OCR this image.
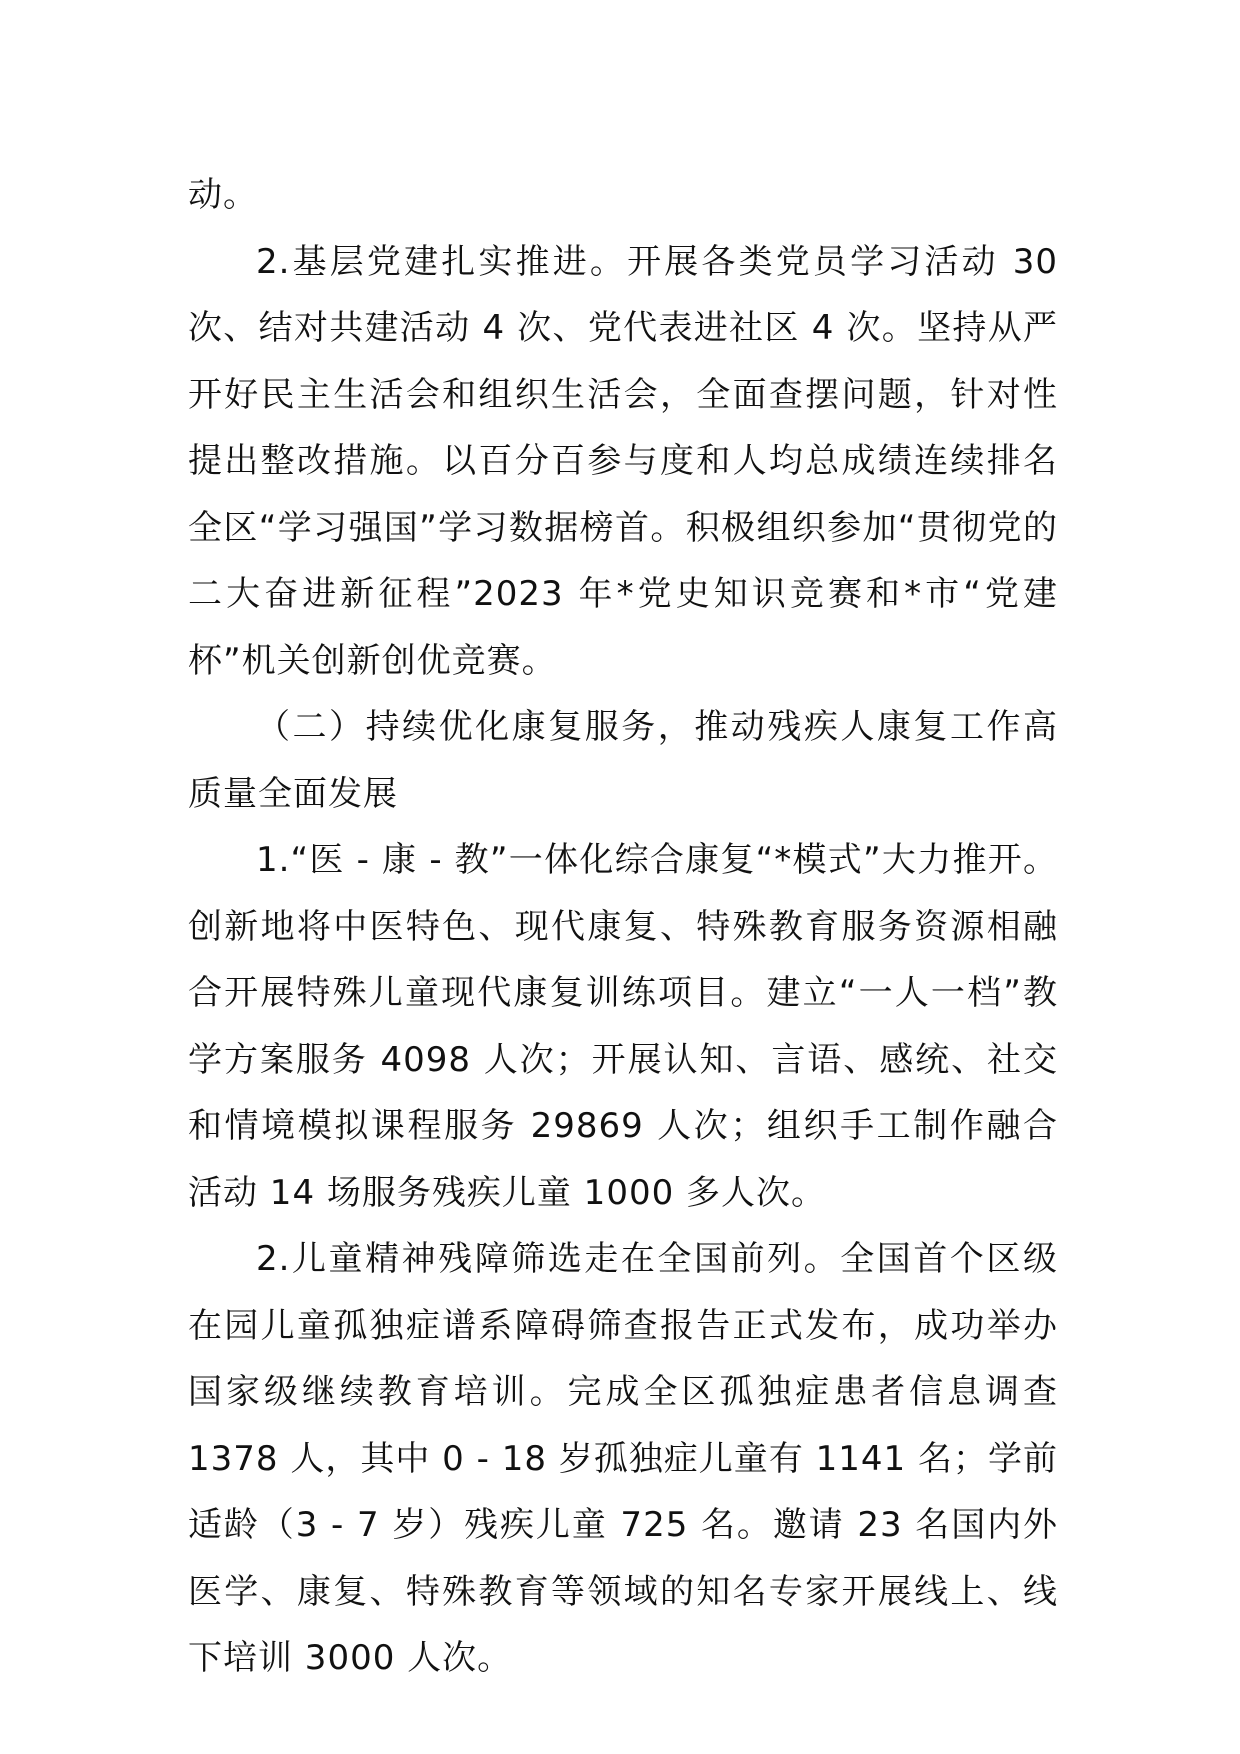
动。

2.基层党建扎实推进。开展各类党员学习活动 30 次、结对共建活动 4 次、党代表进社区 4 次。坚持从严开好民主生活会和组织生活会，全面查摆问题，针对性提出整改措施。以百分百参与度和人均总成绩连续排名全区“学习强国”学习数据榜首。积极组织参加“贯彻党的二大奋进新征程”2023 年*党史知识竞赛和*市“党建杯”机关创新创优竞赛。

（二）持续优化康复服务，推动残疾人康复工作高质量全面发展

1.“医 - 康 - 教”一体化综合康复“*模式”大力推开。创新地将中医特色、现代康复、特殊教育服务资源相融合开展特殊儿童现代康复训练项目。建立“一人一档”教学方案服务 4098 人次；开展认知、言语、感统、社交和情境模拟课程服务 29869 人次；组织手工制作融合活动 14 场服务残疾儿童 1000 多人次。

2.儿童精神残障筛选走在全国前列。全国首个区级在园儿童孤独症谱系障碍筛查报告正式发布，成功举办国家级继续教育培训。完成全区孤独症患者信息调查 1378 人，其中 0 - 18 岁孤独症儿童有 1141 名；学前适龄（3 - 7 岁）残疾儿童 725 名。邀请 23 名国内外医学、康复、特殊教育等领域的知名专家开展线上、线下培训 3000 人次。
